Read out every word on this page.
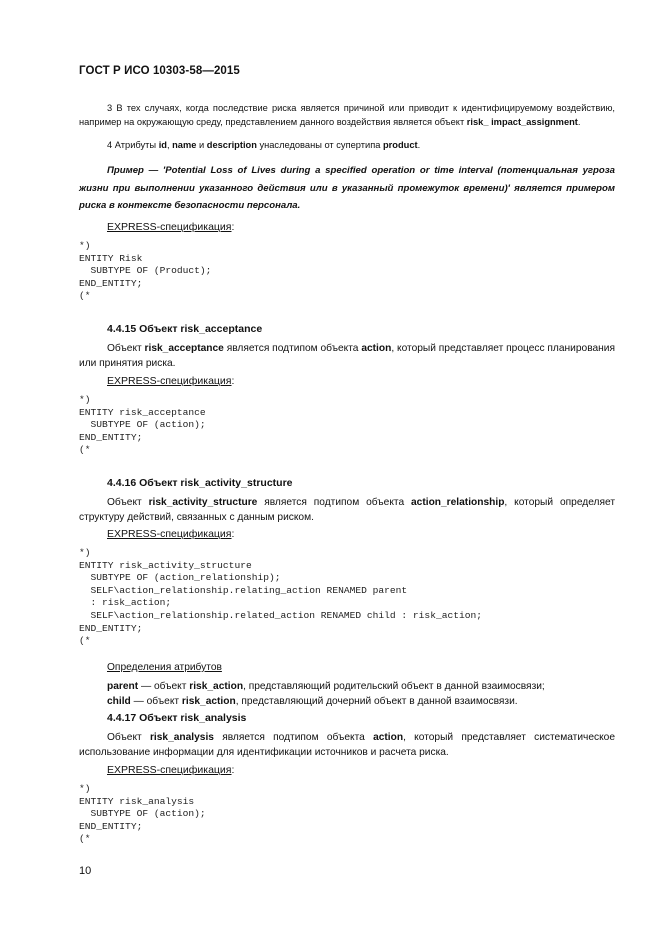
ГОСТ Р ИСО 10303-58—2015
3 В тех случаях, когда последствие риска является причиной или приводит к идентифицируемому воздействию, например на окружающую среду, представлением данного воздействия является объект risk_ impact_assignment.
4 Атрибуты id, name и description унаследованы от супертипа product.
Пример — 'Potential Loss of Lives during a specified operation or time interval (потенциальная угроза жизни при выполнении указанного действия или в указанный промежуток времени)' является примером риска в контексте безопасности персонала.
EXPRESS-спецификация:
*)
ENTITY Risk
SUBTYPE OF (Product);
END_ENTITY;
(*
4.4.15 Объект risk_acceptance
Объект risk_acceptance является подтипом объекта action, который представляет процесс планирования или принятия риска.
EXPRESS-спецификация:
*)
ENTITY risk_acceptance
SUBTYPE OF (action);
END_ENTITY;
(*
4.4.16 Объект risk_activity_structure
Объект risk_activity_structure является подтипом объекта action_relationship, который определяет структуру действий, связанных с данным риском.
EXPRESS-спецификация:
*)
ENTITY risk_activity_structure
SUBTYPE OF (action_relationship);
SELF\action_relationship.relating_action RENAMED parent
: risk_action;
SELF\action_relationship.related_action RENAMED child : risk_action;
END_ENTITY;
(*
Определения атрибутов
parent — объект risk_action, представляющий родительский объект в данной взаимосвязи;
child — объект risk_action, представляющий дочерний объект в данной взаимосвязи.
4.4.17 Объект risk_analysis
Объект risk_analysis является подтипом объекта action, который представляет систематическое использование информации для идентификации источников и расчета риска.
EXPRESS-спецификация:
*)
ENTITY risk_analysis
SUBTYPE OF (action);
END_ENTITY;
(*
10
